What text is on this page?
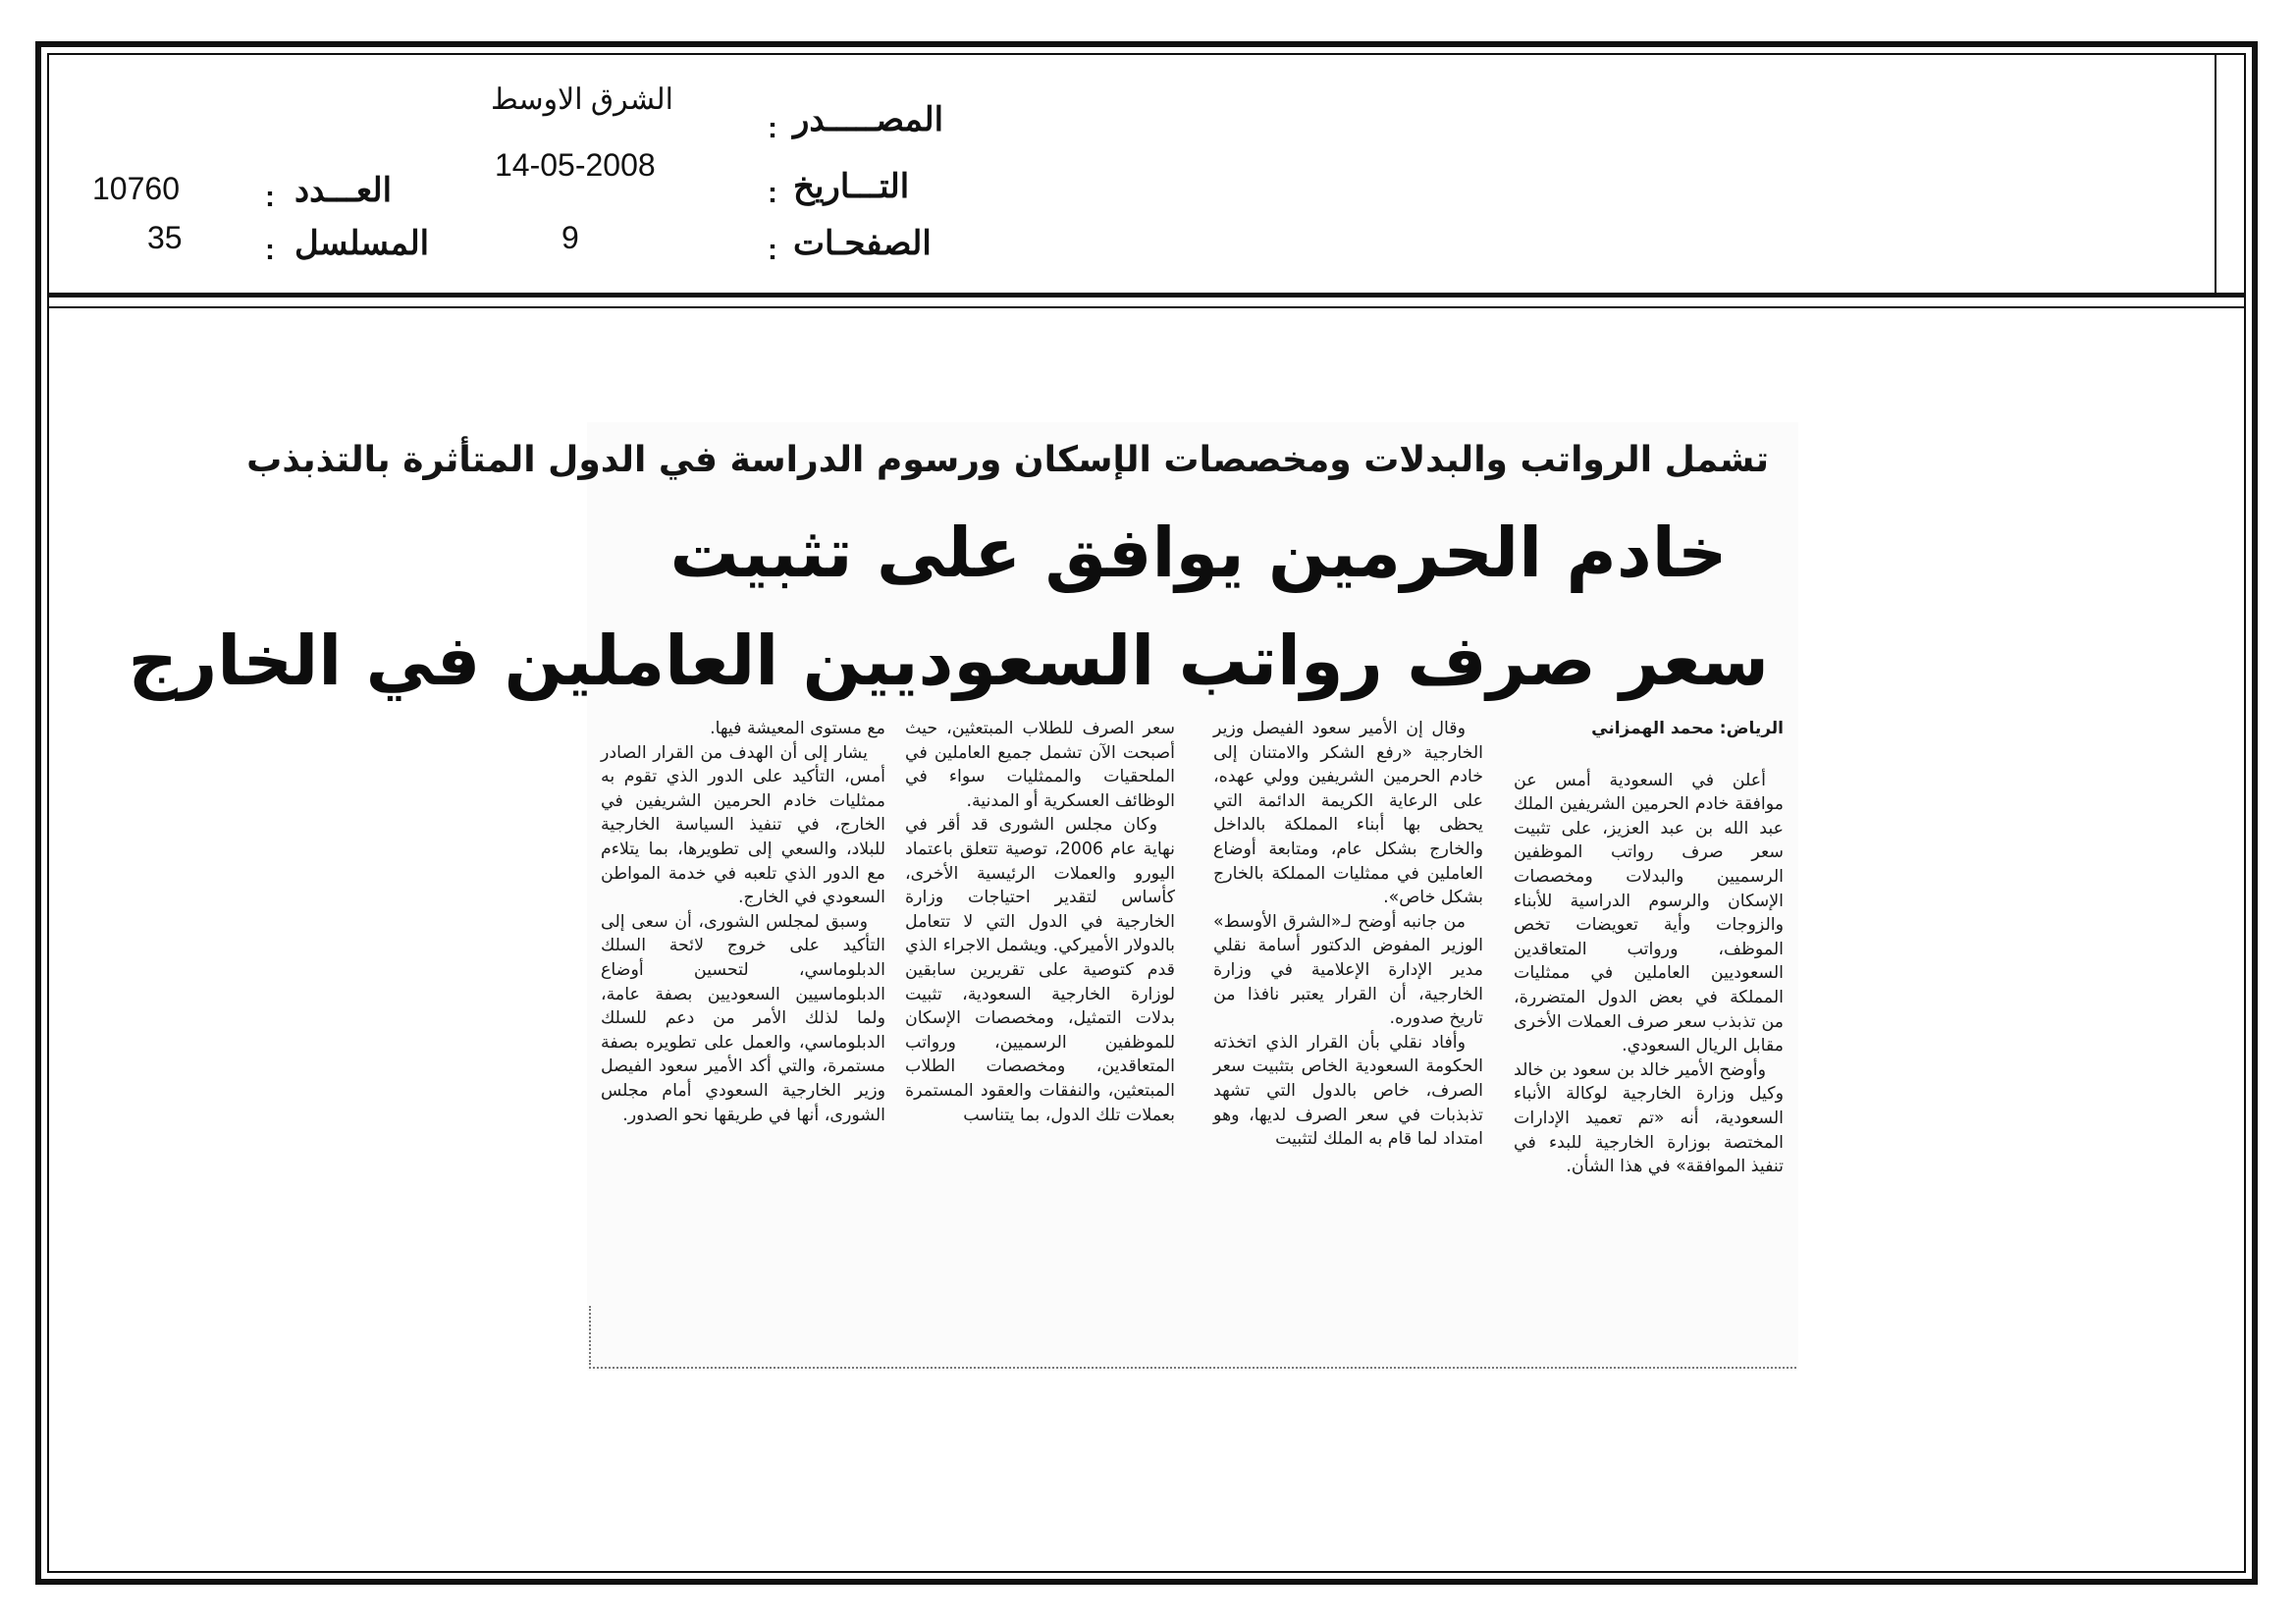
المصـــــدر
:
الشرق الاوسط
التـــاريخ
:
14-05-2008
الصفحـات
:
9
العـــدد
:
10760
المسلسل
:
35
تشمل الرواتب والبدلات ومخصصات الإسكان ورسوم الدراسة في الدول المتأثرة بالتذبذب
خادم الحرمين يوافق على تثبيت
سعر صرف رواتب السعوديين العاملين في الخارج

الرياض: محمد الهمزاني

أعلن في السعودية أمس عن موافقة خادم الحرمين الشريفين الملك عبد الله بن عبد العزيز، على تثبيت سعر صرف رواتب الموظفين الرسميين والبدلات ومخصصات الإسكان والرسوم الدراسية للأبناء والزوجات وأية تعويضات تخص الموظف، ورواتب المتعاقدين السعوديين العاملين في ممثليات المملكة في بعض الدول المتضررة، من تذبذب سعر صرف العملات الأخرى مقابل الريال السعودي.

وأوضح الأمير خالد بن سعود بن خالد وكيل وزارة الخارجية لوكالة الأنباء السعودية، أنه «تم تعميد الإدارات المختصة بوزارة الخارجية للبدء في تنفيذ الموافقة» في هذا الشأن.

وقال إن الأمير سعود الفيصل وزير الخارجية «رفع الشكر والامتنان إلى خادم الحرمين الشريفين وولي عهده، على الرعاية الكريمة الدائمة التي يحظى بها أبناء المملكة بالداخل والخارج بشكل عام، ومتابعة أوضاع العاملين في ممثليات المملكة بالخارج بشكل خاص».

من جانبه أوضح لـ«الشرق الأوسط» الوزير المفوض الدكتور أسامة نقلي مدير الإدارة الإعلامية في وزارة الخارجية، أن القرار يعتبر نافذا من تاريخ صدوره.

وأفاد نقلي بأن القرار الذي اتخذته الحكومة السعودية الخاص بتثبيت سعر الصرف، خاص بالدول التي تشهد تذبذبات في سعر الصرف لديها، وهو امتداد لما قام به الملك لتثبيت

سعر الصرف للطلاب المبتعثين، حيث أصبحت الآن تشمل جميع العاملين في الملحقيات والممثليات سواء في الوظائف العسكرية أو المدنية.

وكان مجلس الشورى قد أقر في نهاية عام 2006، توصية تتعلق باعتماد اليورو والعملات الرئيسية الأخرى، كأساس لتقدير احتياجات وزارة الخارجية في الدول التي لا تتعامل بالدولار الأميركي. ويشمل الاجراء الذي قدم كتوصية على تقريرين سابقين لوزارة الخارجية السعودية، تثبيت بدلات التمثيل، ومخصصات الإسكان للموظفين الرسميين، ورواتب المتعاقدين، ومخصصات الطلاب المبتعثين، والنفقات والعقود المستمرة بعملات تلك الدول، بما يتناسب

مع مستوى المعيشة فيها.

يشار إلى أن الهدف من القرار الصادر أمس، التأكيد على الدور الذي تقوم به ممثليات خادم الحرمين الشريفين في الخارج، في تنفيذ السياسة الخارجية للبلاد، والسعي إلى تطويرها، بما يتلاءم مع الدور الذي تلعبه في خدمة المواطن السعودي في الخارج.

وسبق لمجلس الشورى، أن سعى إلى التأكيد على خروج لائحة السلك الدبلوماسي، لتحسين أوضاع الدبلوماسيين السعوديين بصفة عامة، ولما لذلك الأمر من دعم للسلك الدبلوماسي، والعمل على تطويره بصفة مستمرة، والتي أكد الأمير سعود الفيصل وزير الخارجية السعودي أمام مجلس الشورى، أنها في طريقها نحو الصدور.
